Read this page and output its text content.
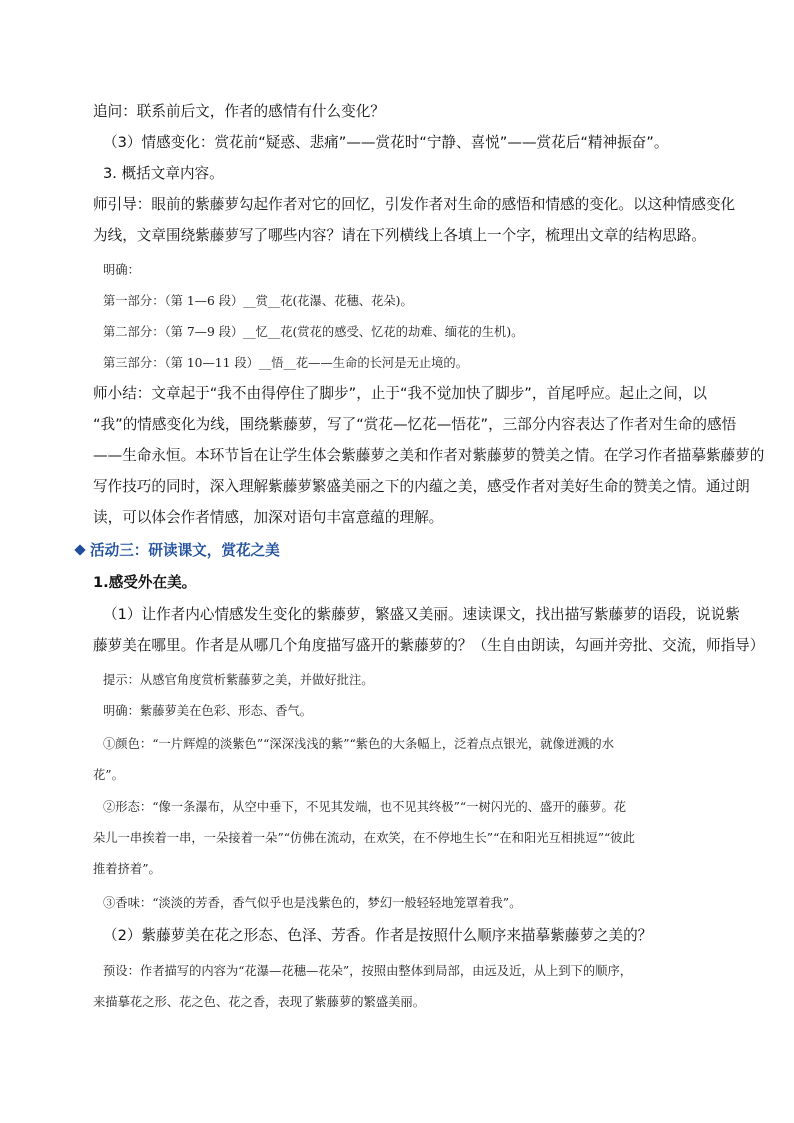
追问：联系前后文，作者的感情有什么变化？
（3）情感变化：赏花前“疑惑、悲痛”——赏花时“宁静、喜悦”——赏花后“精神振奋”。
3. 概括文章内容。
师引导：眼前的紫藤萝勾起作者对它的回忆，引发作者对生命的感悟和情感的变化。以这种情感变化
为线，文章围绕紫藤萝写了哪些内容？请在下列横线上各填上一个字，梳理出文章的结构思路。
明确：
第一部分：（第 1—6 段）__赏__花(花瀑、花穗、花朵)。
第二部分：（第 7—9 段）__忆__花(赏花的感受、忆花的劫难、缅花的生机)。
第三部分：（第 10—11 段）__悟__花——生命的长河是无止境的。
师小结：文章起于“我不由得停住了脚步”，止于“我不觉加快了脚步”，首尾呼应。起止之间，以
“我”的情感变化为线，围绕紫藤萝，写了“赏花—忆花—悟花”，三部分内容表达了作者对生命的感悟
——生命永恒。本环节旨在让学生体会紫藤萝之美和作者对紫藤萝的赞美之情。在学习作者描摹紫藤萝的
写作技巧的同时，深入理解紫藤萝繁盛美丽之下的内蕴之美，感受作者对美好生命的赞美之情。通过朗
读，可以体会作者情感，加深对语句丰富意蕴的理解。
活动三：研读课文，赏花之美
1.感受外在美。
（1）让作者内心情感发生变化的紫藤萝，繁盛又美丽。速读课文，找出描写紫藤萝的语段，说说紫
藤萝美在哪里。作者是从哪几个角度描写盛开的紫藤萝的？（生自由朗读，勾画并旁批、交流，师指导）
提示：从感官角度赏析紫藤萝之美，并做好批注。
明确：紫藤萝美在色彩、形态、香气。
①颜色：“一片辉煌的淡紫色”“深深浅浅的紫”“紫色的大条幅上，泛着点点银光，就像迸溅的水
花”。
②形态：“像一条瀑布，从空中垂下，不见其发端，也不见其终极”“一树闪光的、盛开的藤萝。花
朵儿一串挨着一串，一朵接着一朵”“仿佛在流动，在欢笑，在不停地生长”“在和阳光互相挑逗”“彼此
推着挤着”。
③香味：“淡淡的芳香，香气似乎也是浅紫色的，梦幻一般轻轻地笼罩着我”。
（2）紫藤萝美在花之形态、色泽、芳香。作者是按照什么顺序来描摹紫藤萝之美的？
预设：作者描写的内容为“花瀑—花穗—花朵”，按照由整体到局部，由远及近，从上到下的顺序，
来描摹花之形、花之色、花之香，表现了紫藤萝的繁盛美丽。
